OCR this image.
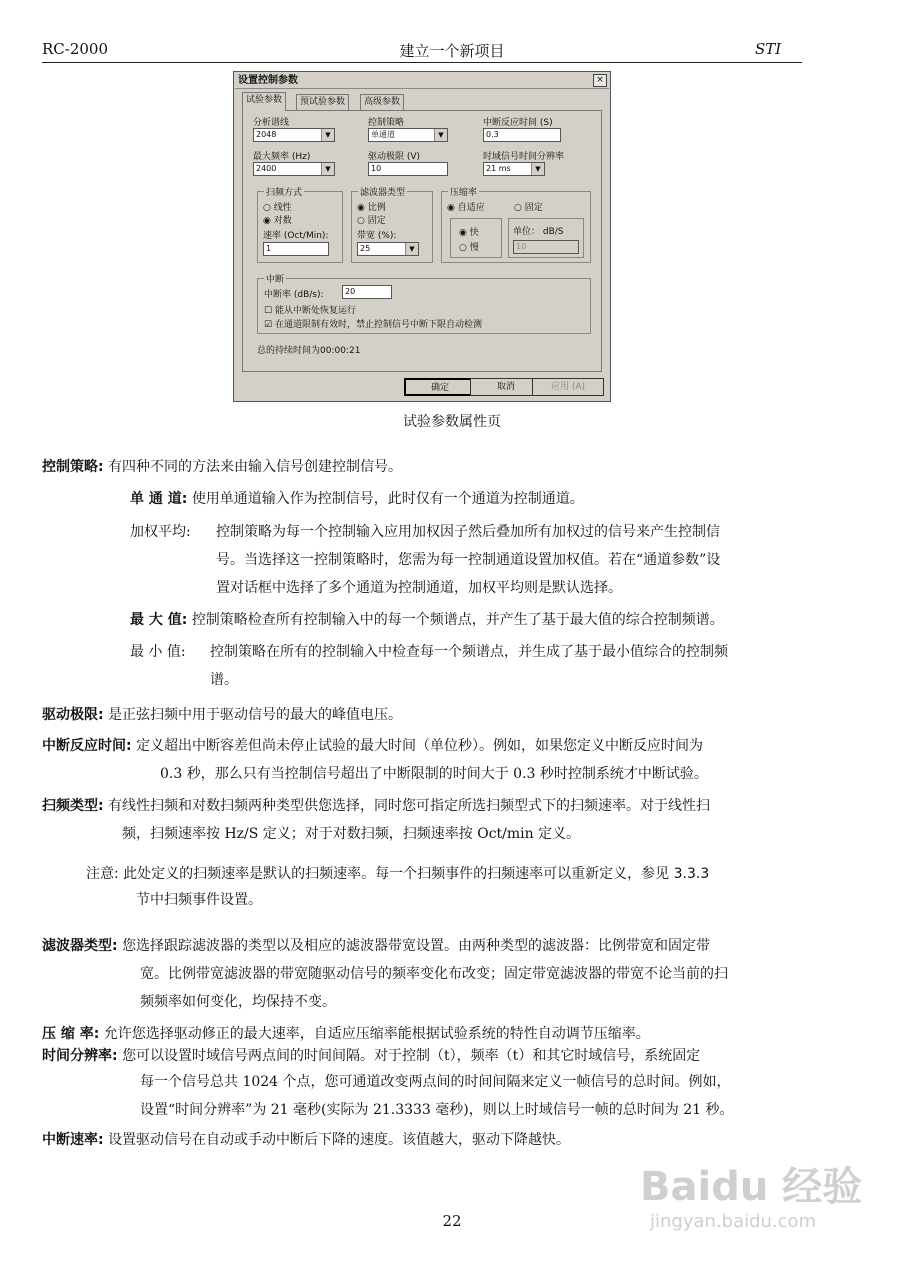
RC-2000	建立一个新项目	STI
设置控制参数	×
试验参数	预试验参数	高级参数
分析谱线
2048	▼
控制策略
单通道	▼
中断反应时间 (S)
0.3
最大频率 (Hz)
2400	▼
驱动极限 (V)
10
时域信号时间分辨率
21 ms	▼
扫频方式
○ 线性
◉ 对数
速率 (Oct/Min):
1
滤波器类型
◉ 比例
○ 固定
带宽 (%):
25	▼
压缩率
◉ 自适应	○ 固定
◉ 快
○ 慢
单位： dB/S
10
中断
中断率 (dB/s):	20
☐ 能从中断处恢复运行
☑ 在通道限制有效时，禁止控制信号中断下限自动检测
总的持续时间为00:00:21
确定	取消	应用 (A)
试验参数属性页
控制策略: 有四种不同的方法来由输入信号创建控制信号。
单 通 道: 使用单通道输入作为控制信号，此时仅有一个通道为控制通道。
加权平均: 控制策略为每一个控制输入应用加权因子然后叠加所有加权过的信号来产生控制信
号。当选择这一控制策略时，您需为每一控制通道设置加权值。若在“通道参数”设
置对话框中选择了多个通道为控制通道，加权平均则是默认选择。
最 大 值: 控制策略检查所有控制输入中的每一个频谱点，并产生了基于最大值的综合控制频谱。
最 小 值: 控制策略在所有的控制输入中检查每一个频谱点，并生成了基于最小值综合的控制频
谱。
驱动极限: 是正弦扫频中用于驱动信号的最大的峰值电压。
中断反应时间: 定义超出中断容差但尚未停止试验的最大时间（单位秒）。例如，如果您定义中断反应时间为
0.3 秒，那么只有当控制信号超出了中断限制的时间大于 0.3 秒时控制系统才中断试验。
扫频类型: 有线性扫频和对数扫频两种类型供您选择，同时您可指定所选扫频型式下的扫频速率。对于线性扫
频，扫频速率按 Hz/S 定义；对于对数扫频，扫频速率按 Oct/min 定义。
注意: 此处定义的扫频速率是默认的扫频速率。每一个扫频事件的扫频速率可以重新定义，参见 3.3.3
节中扫频事件设置。
滤波器类型: 您选择跟踪滤波器的类型以及相应的滤波器带宽设置。由两种类型的滤波器：比例带宽和固定带
宽。比例带宽滤波器的带宽随驱动信号的频率变化布改变；固定带宽滤波器的带宽不论当前的扫
频频率如何变化，均保持不变。
压 缩 率: 允许您选择驱动修正的最大速率，自适应压缩率能根据试验系统的特性自动调节压缩率。
时间分辨率: 您可以设置时域信号两点间的时间间隔。对于控制（t），频率（t）和其它时域信号，系统固定
每一个信号总共 1024 个点，您可通道改变两点间的时间间隔来定义一帧信号的总时间。例如，
设置“时间分辨率”为 21 毫秒(实际为 21.3333 毫秒)，则以上时域信号一帧的总时间为 21 秒。
中断速率: 设置驱动信号在自动或手动中断后下降的速度。该值越大，驱动下降越快。
22
Baidu 经验
jingyan.baidu.com
